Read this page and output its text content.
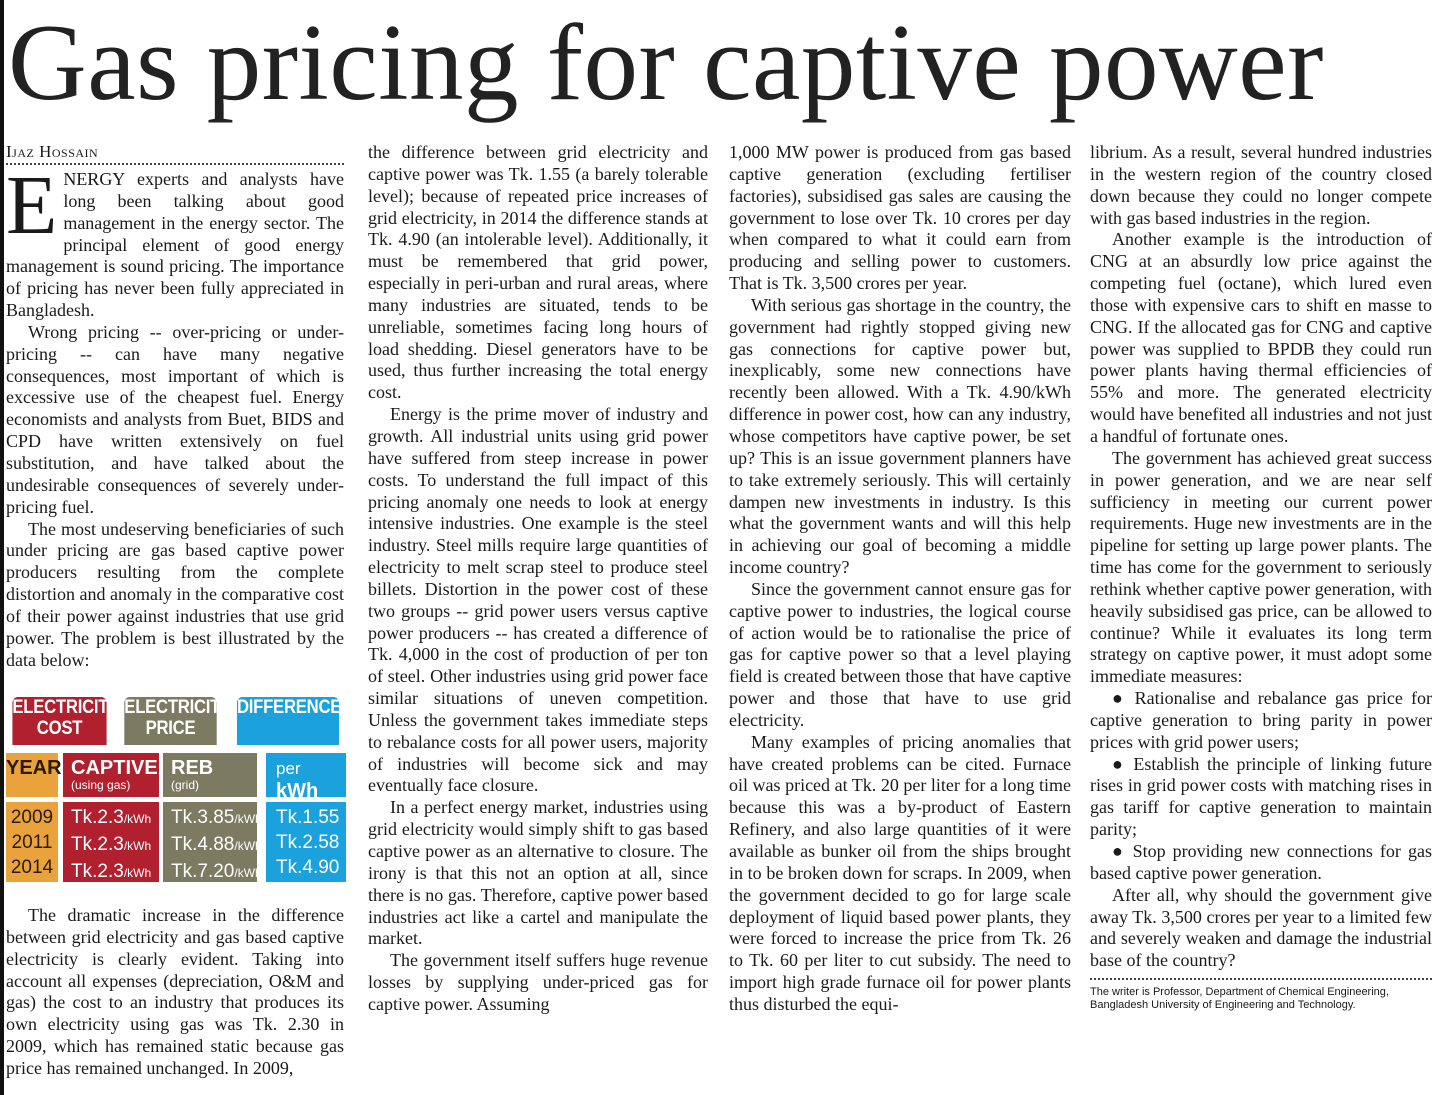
Gas pricing for captive power
Ijaz Hossain

ENERGY experts and analysts have long been talking about good management in the energy sector. The principal element of good energy management is sound pricing. The importance of pricing has never been fully appreciated in Bangladesh.

Wrong pricing -- over-pricing or under-pricing -- can have many negative consequences, most important of which is excessive use of the cheapest fuel. Energy economists and analysts from Buet, BIDS and CPD have written extensively on fuel substitution, and have talked about the undesirable consequences of severely under-pricing fuel.

The most undeserving beneficiaries of such under pricing are gas based captive power producers resulting from the complete distortion and anomaly in the comparative cost of their power against industries that use grid power. The problem is best illustrated by the data below:

ELECTRICITY COST
ELECTRICITY PRICE
DIFFERENCE
YEAR CAPTIVE
(using gas)
REB
(grid)
per kWh
2009
2011
2014
Tk.2.3/kWh
Tk.2.3/kWh
Tk.2.3/kWh
Tk.3.85/kWh
Tk.4.88/kWh
Tk.7.20/kWh
Tk.1.55
Tk.2.58
Tk.4.90

The dramatic increase in the difference between grid electricity and gas based captive electricity is clearly evident. Taking into account all expenses (depreciation, O&M and gas) the cost to an industry that produces its own electricity using gas was Tk. 2.30 in 2009, which has remained static because gas price has remained unchanged. In 2009,

the difference between grid electricity and captive power was Tk. 1.55 (a barely tolerable level); because of repeated price increases of grid electricity, in 2014 the difference stands at Tk. 4.90 (an intolerable level). Additionally, it must be remembered that grid power, especially in peri-urban and rural areas, where many industries are situated, tends to be unreliable, sometimes facing long hours of load shedding. Diesel generators have to be used, thus further increasing the total energy cost.

Energy is the prime mover of industry and growth. All industrial units using grid power have suffered from steep increase in power costs. To understand the full impact of this pricing anomaly one needs to look at energy intensive industries. One example is the steel industry. Steel mills require large quantities of electricity to melt scrap steel to produce steel billets. Distortion in the power cost of these two groups -- grid power users versus captive power producers -- has created a difference of Tk. 4,000 in the cost of production of per ton of steel. Other industries using grid power face similar situations of uneven competition. Unless the government takes immediate steps to rebalance costs for all power users, majority of industries will become sick and may eventually face closure.

In a perfect energy market, industries using grid electricity would simply shift to gas based captive power as an alternative to closure. The irony is that this not an option at all, since there is no gas. Therefore, captive power based industries act like a cartel and manipulate the market.

The government itself suffers huge revenue losses by supplying under-priced gas for captive power. Assuming

1,000 MW power is produced from gas based captive generation (excluding fertiliser factories), subsidised gas sales are causing the government to lose over Tk. 10 crores per day when compared to what it could earn from producing and selling power to customers. That is Tk. 3,500 crores per year.

With serious gas shortage in the country, the government had rightly stopped giving new gas connections for captive power but, inexplicably, some new connections have recently been allowed. With a Tk. 4.90/kWh difference in power cost, how can any industry, whose competitors have captive power, be set up? This is an issue government planners have to take extremely seriously. This will certainly dampen new investments in industry. Is this what the government wants and will this help in achieving our goal of becoming a middle income country?

Since the government cannot ensure gas for captive power to industries, the logical course of action would be to rationalise the price of gas for captive power so that a level playing field is created between those that have captive power and those that have to use grid electricity.

Many examples of pricing anomalies that have created problems can be cited. Furnace oil was priced at Tk. 20 per liter for a long time because this was a by-product of Eastern Refinery, and also large quantities of it were available as bunker oil from the ships brought in to be broken down for scraps. In 2009, when the government decided to go for large scale deployment of liquid based power plants, they were forced to increase the price from Tk. 26 to Tk. 60 per liter to cut subsidy. The need to import high grade furnace oil for power plants thus disturbed the equi-

librium. As a result, several hundred industries in the western region of the country closed down because they could no longer compete with gas based industries in the region.

Another example is the introduction of CNG at an absurdly low price against the competing fuel (octane), which lured even those with expensive cars to shift en masse to CNG. If the allocated gas for CNG and captive power was supplied to BPDB they could run power plants having thermal efficiencies of 55% and more. The generated electricity would have benefited all industries and not just a handful of fortunate ones.

The government has achieved great success in power generation, and we are near self sufficiency in meeting our current power requirements. Huge new investments are in the pipeline for setting up large power plants. The time has come for the government to seriously rethink whether captive power generation, with heavily subsidised gas price, can be allowed to continue? While it evaluates its long term strategy on captive power, it must adopt some immediate measures:

● Rationalise and rebalance gas price for captive generation to bring parity in power prices with grid power users;

● Establish the principle of linking future rises in grid power costs with matching rises in gas tariff for captive generation to maintain parity;

● Stop providing new connections for gas based captive power generation.

After all, why should the government give away Tk. 3,500 crores per year to a limited few and severely weaken and damage the industrial base of the country?

The writer is Professor, Department of Chemical Engineering, Bangladesh University of Engineering and Technology.
